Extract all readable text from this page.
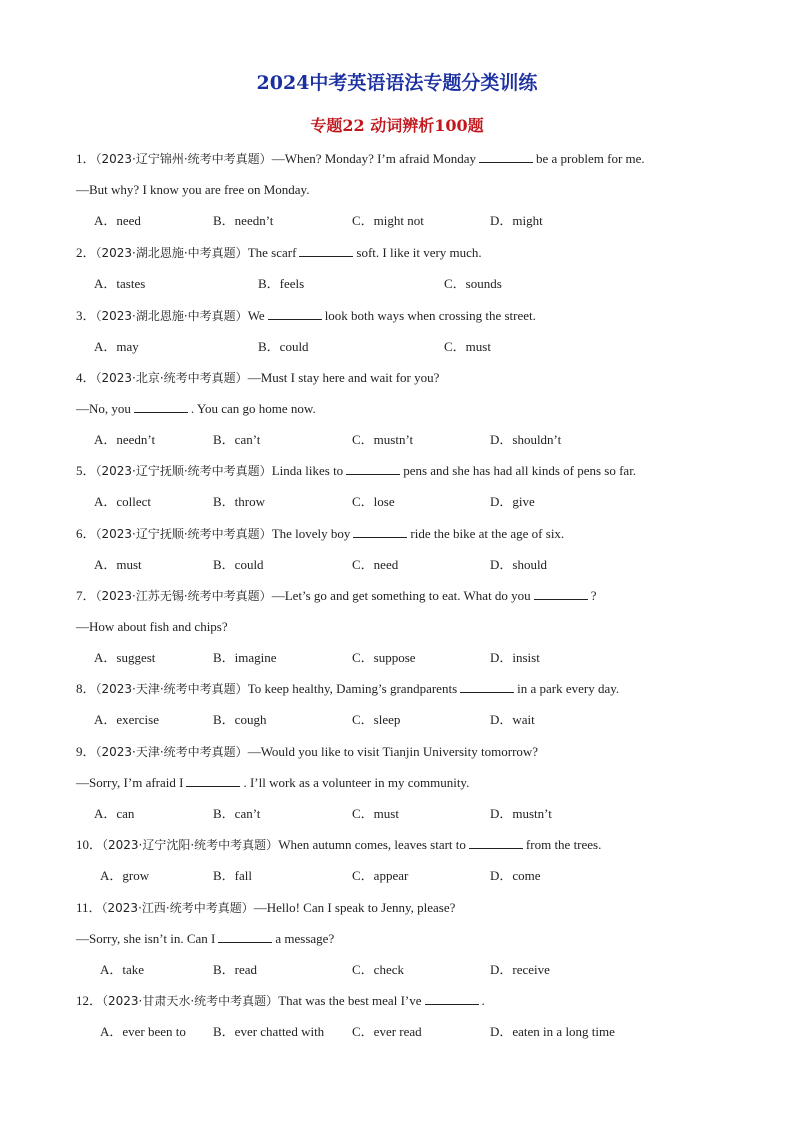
2024中考英语语法专题分类训练
专题22 动词辨析100题
1．（2023·辽宁锦州·统考中考真题）—When? Monday? I’m afraid Monday	be a problem for me.
—But why? I know you are free on Monday.
A．need	B．needn’t	C．might not	D．might
2．（2023·湖北恩施·中考真题）The scarf	soft. I like it very much.
A．tastes	B．feels	C．sounds
3．（2023·湖北恩施·中考真题）We	look both ways when crossing the street.
A．may	B．could	C．must
4．（2023·北京·统考中考真题）—Must I stay here and wait for you?
—No, you	. You can go home now.
A．needn’t	B．can’t	C．mustn’t	D．shouldn’t
5．（2023·辽宁抚顺·统考中考真题）Linda likes to	pens and she has had all kinds of pens so far.
A．collect	B．throw	C．lose	D．give
6．（2023·辽宁抚顺·统考中考真题）The lovely boy	ride the bike at the age of six.
A．must	B．could	C．need	D．should
7．（2023·江苏无锡·统考中考真题）—Let’s go and get something to eat. What do you	?
—How about fish and chips?
A．suggest	B．imagine	C．suppose	D．insist
8．（2023·天津·统考中考真题）To keep healthy, Daming’s grandparents	in a park every day.
A．exercise	B．cough	C．sleep	D．wait
9．（2023·天津·统考中考真题）—Would you like to visit Tianjin University tomorrow?
—Sorry, I’m afraid I	. I’ll work as a volunteer in my community.
A．can	B．can’t	C．must	D．mustn’t
10．（2023·辽宁沈阳·统考中考真题）When autumn comes, leaves start to	from the trees.
A．grow	B．fall	C．appear	D．come
11．（2023·江西·统考中考真题）—Hello! Can I speak to Jenny, please?
—Sorry, she isn’t in. Can I	a message?
A．take	B．read	C．check	D．receive
12．（2023·甘肃天水·统考中考真题）That was the best meal I’ve	.
A．ever been to B．ever chatted with C．ever read	D．eaten in a long time
